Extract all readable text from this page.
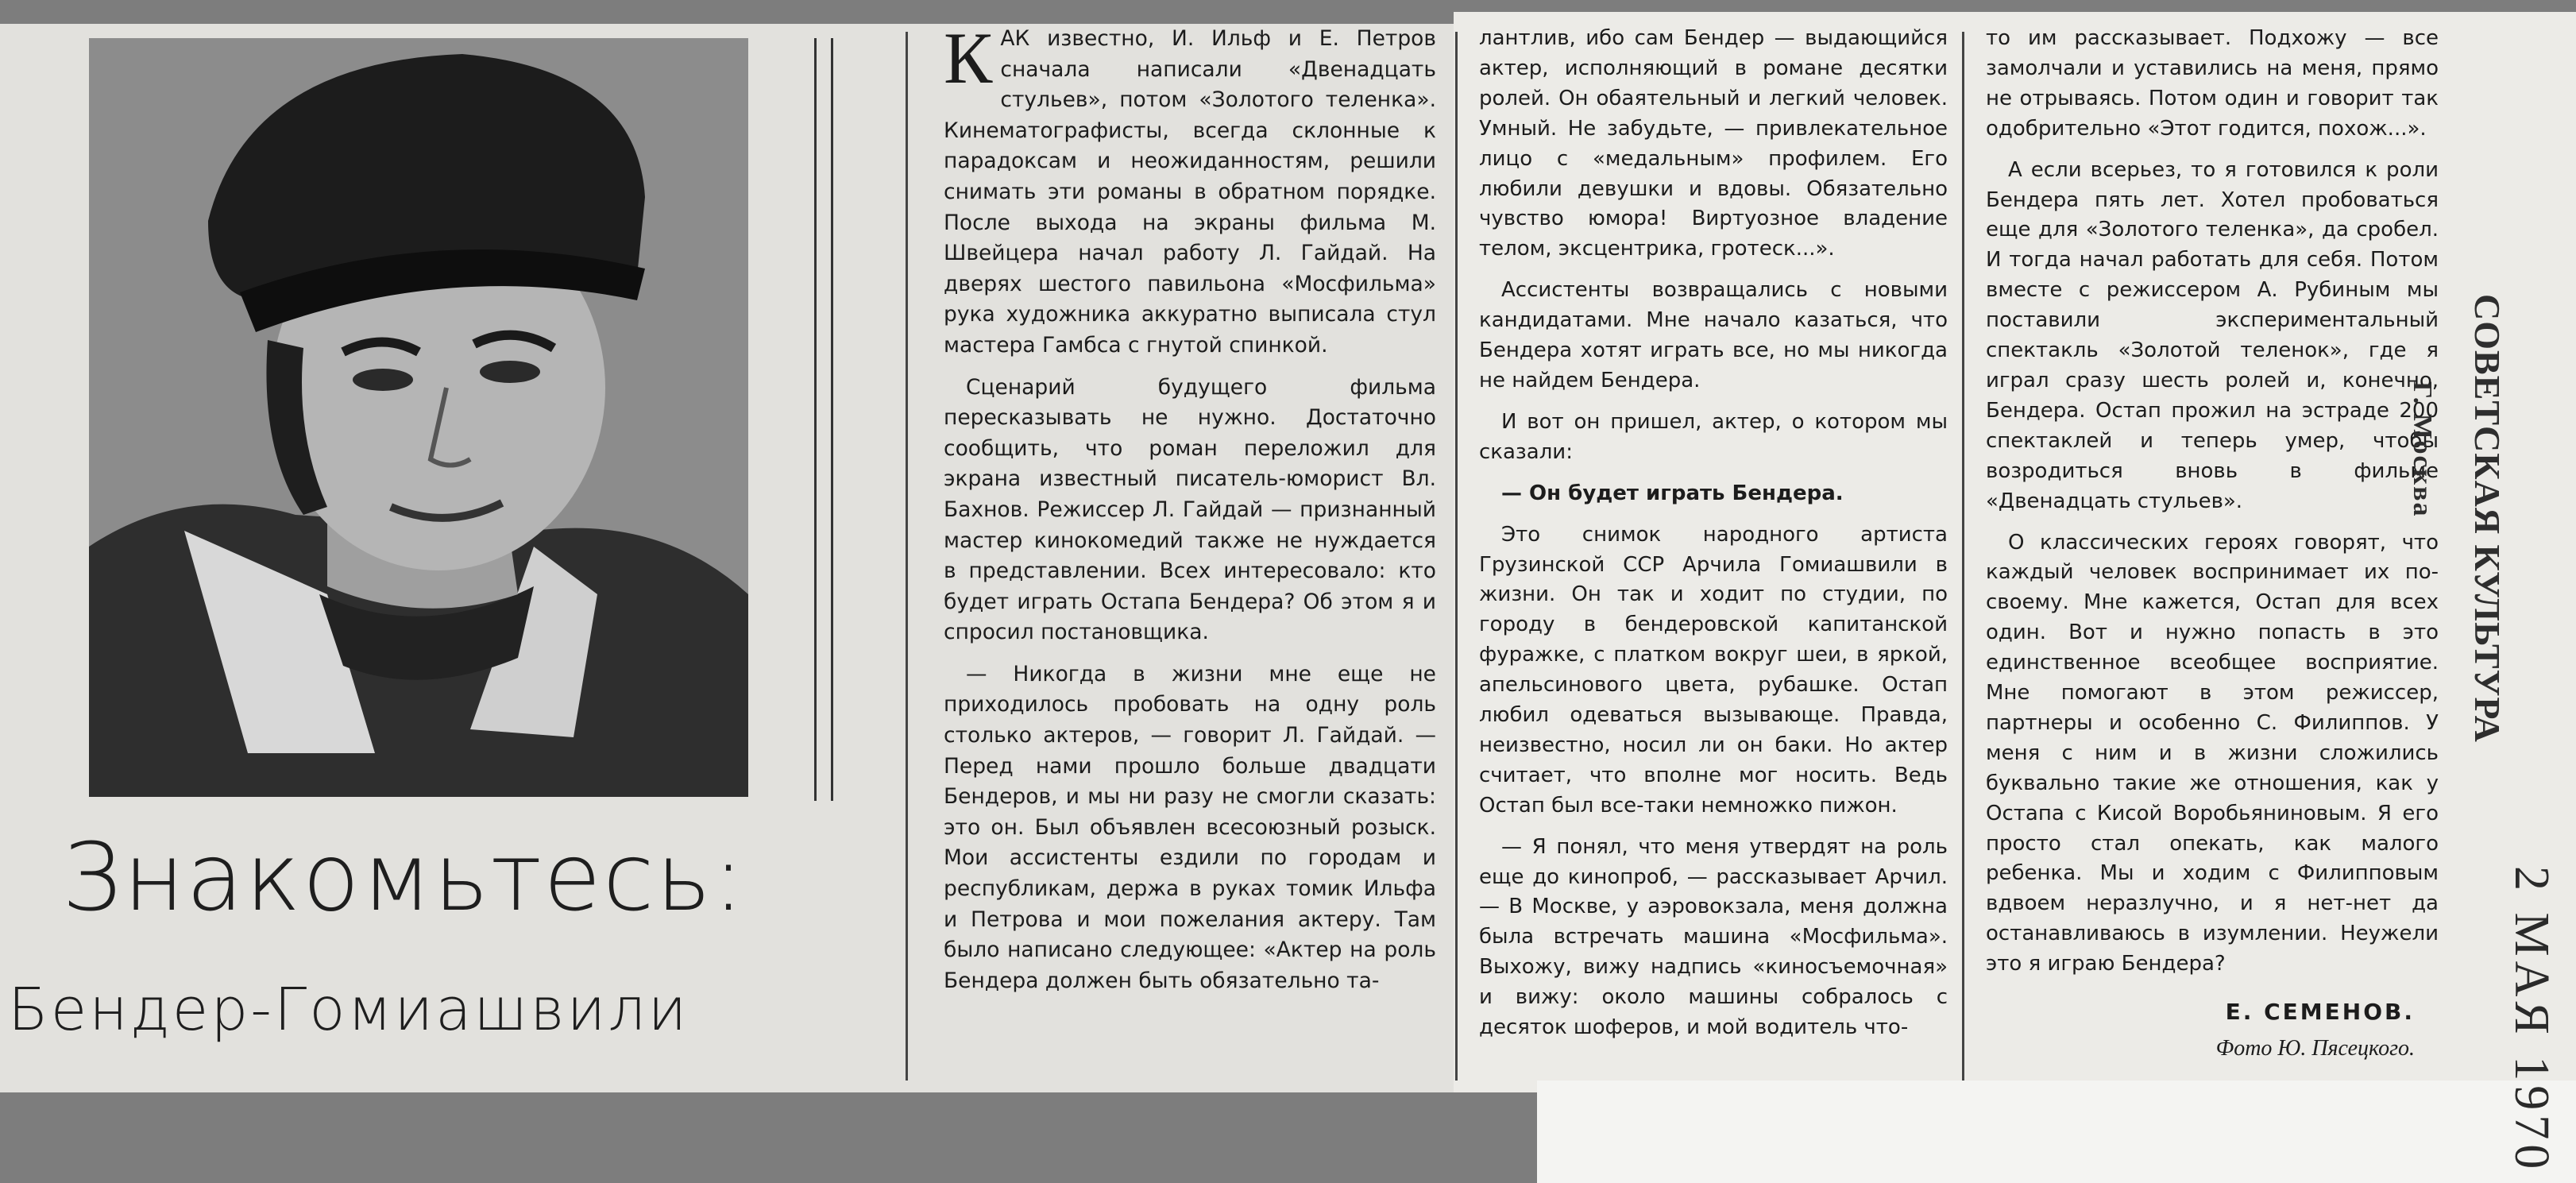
Знакомьтесь:
Бендер-Гомиашвили

КАК известно, И. Ильф и Е. Петров сначала написали «Двенадцать стульев», потом «Золотого теленка». Кинематографисты, всегда склонные к парадоксам и неожиданностям, решили снимать эти романы в обратном порядке. После выхода на экраны фильма М. Швейцера начал работу Л. Гайдай. На дверях шестого павильона «Мосфильма» рука художника аккуратно выписала стул мастера Гамбса с гнутой спинкой.

Сценарий будущего фильма пересказывать не нужно. Достаточно сообщить, что роман переложил для экрана известный писатель-юморист Вл. Бахнов. Режиссер Л. Гайдай — признанный мастер кинокомедий также не нуждается в представлении. Всех интересовало: кто будет играть Остапа Бендера? Об этом я и спросил постановщика.

— Никогда в жизни мне еще не приходилось пробовать на одну роль столько актеров, — говорит Л. Гайдай. — Перед нами прошло больше двадцати Бендеров, и мы ни разу не смогли сказать: это он. Был объявлен всесоюзный розыск. Мои ассистенты ездили по городам и республикам, держа в руках томик Ильфа и Петрова и мои пожелания актеру. Там было написано следующее: «Актер на роль Бендера должен быть обязательно та-

лантлив, ибо сам Бендер — выдающийся актер, исполняющий в романе десятки ролей. Он обаятельный и легкий человек. Умный. Не забудьте, — привлекательное лицо с «медальным» профилем. Его любили девушки и вдовы. Обязательно чувство юмора! Виртуозное владение телом, эксцентрика, гротеск...».

Ассистенты возвращались с новыми кандидатами. Мне начало казаться, что Бендера хотят играть все, но мы никогда не найдем Бендера.

И вот он пришел, актер, о котором мы сказали:

— Он будет играть Бендера.

Это снимок народного артиста Грузинской ССР Арчила Гомиашвили в жизни. Он так и ходит по студии, по городу в бендеровской капитанской фуражке, с платком вокруг шеи, в яркой, апельсинового цвета, рубашке. Остап любил одеваться вызывающе. Правда, неизвестно, носил ли он баки. Но актер считает, что вполне мог носить. Ведь Остап был все-таки немножко пижон.

— Я понял, что меня утвердят на роль еще до кинопроб, — рассказывает Арчил. — В Москве, у аэровокзала, меня должна была встречать машина «Мосфильма». Выхожу, вижу надпись «киносъемочная» и вижу: около машины собралось с десяток шоферов, и мой водитель что-

то им рассказывает. Подхожу — все замолчали и уставились на меня, прямо не отрываясь. Потом один и говорит так одобрительно «Этот годится, похож...».

А если всерьез, то я готовился к роли Бендера пять лет. Хотел пробоваться еще для «Золотого теленка», да сробел. И тогда начал работать для себя. Потом вместе с режиссером А. Рубиным мы поставили экспериментальный спектакль «Золотой теленок», где я играл сразу шесть ролей и, конечно, Бендера. Остап прожил на эстраде 200 спектаклей и теперь умер, чтобы возродиться вновь в фильме «Двенадцать стульев».

О классических героях говорят, что каждый человек воспринимает их по-своему. Мне кажется, Остап для всех один. Вот и нужно попасть в это единственное всеобщее восприятие. Мне помогают в этом режиссер, партнеры и особенно С. Филиппов. У меня с ним и в жизни сложились буквально такие же отношения, как у Остапа с Кисой Воробьяниновым. Я его просто стал опекать, как малого ребенка. Мы и ходим с Филипповым вдвоем неразлучно, и я нет-нет да останавливаюсь в изумлении. Неужели это я играю Бендера?

Е. СЕМЕНОВ.
Фото Ю. Пясецкого.
СОВЕТСКАЯ КУЛЬТУРА
Г. Москва
2 МАЯ 1970
